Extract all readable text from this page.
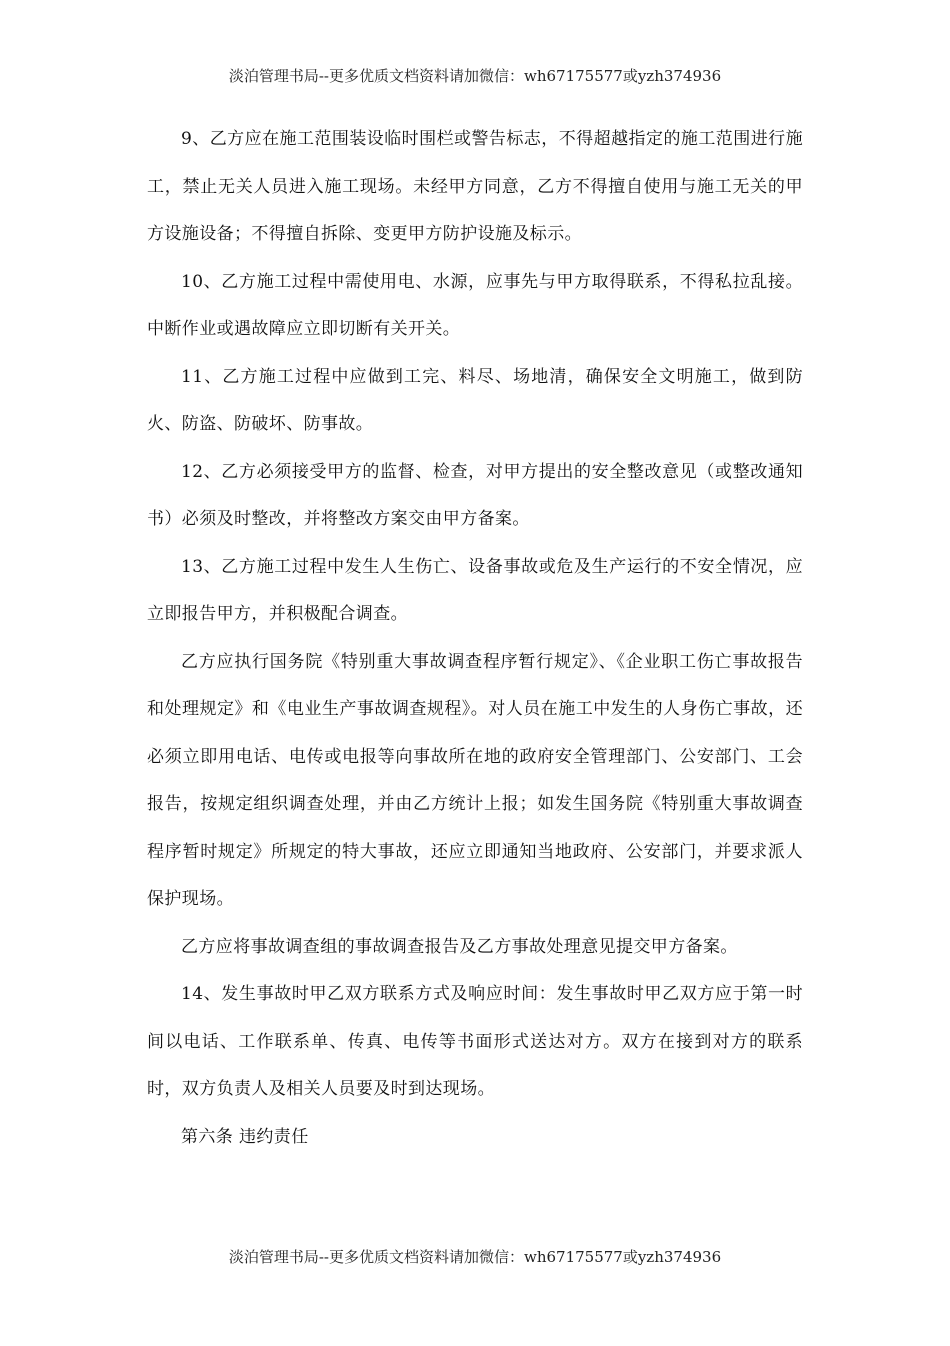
淡泊管理书局--更多优质文档资料请加微信：wh67175577或yzh374936

9、乙方应在施工范围装设临时围栏或警告标志，不得超越指定的施工范围进行施工，禁止无关人员进入施工现场。未经甲方同意，乙方不得擅自使用与施工无关的甲方设施设备；不得擅自拆除、变更甲方防护设施及标示。

10、乙方施工过程中需使用电、水源，应事先与甲方取得联系，不得私拉乱接。中断作业或遇故障应立即切断有关开关。

11、乙方施工过程中应做到工完、料尽、场地清，确保安全文明施工，做到防火、防盗、防破坏、防事故。

12、乙方必须接受甲方的监督、检查，对甲方提出的安全整改意见（或整改通知书）必须及时整改，并将整改方案交由甲方备案。

13、乙方施工过程中发生人生伤亡、设备事故或危及生产运行的不安全情况，应立即报告甲方，并积极配合调查。

乙方应执行国务院《特别重大事故调查程序暂行规定》、《企业职工伤亡事故报告和处理规定》和《电业生产事故调查规程》。对人员在施工中发生的人身伤亡事故，还必须立即用电话、电传或电报等向事故所在地的政府安全管理部门、公安部门、工会报告，按规定组织调查处理，并由乙方统计上报；如发生国务院《特别重大事故调查程序暂时规定》所规定的特大事故，还应立即通知当地政府、公安部门，并要求派人保护现场。

乙方应将事故调查组的事故调查报告及乙方事故处理意见提交甲方备案。

14、发生事故时甲乙双方联系方式及响应时间：发生事故时甲乙双方应于第一时间以电话、工作联系单、传真、电传等书面形式送达对方。双方在接到对方的联系时，双方负责人及相关人员要及时到达现场。

第六条 违约责任

淡泊管理书局--更多优质文档资料请加微信：wh67175577或yzh374936
